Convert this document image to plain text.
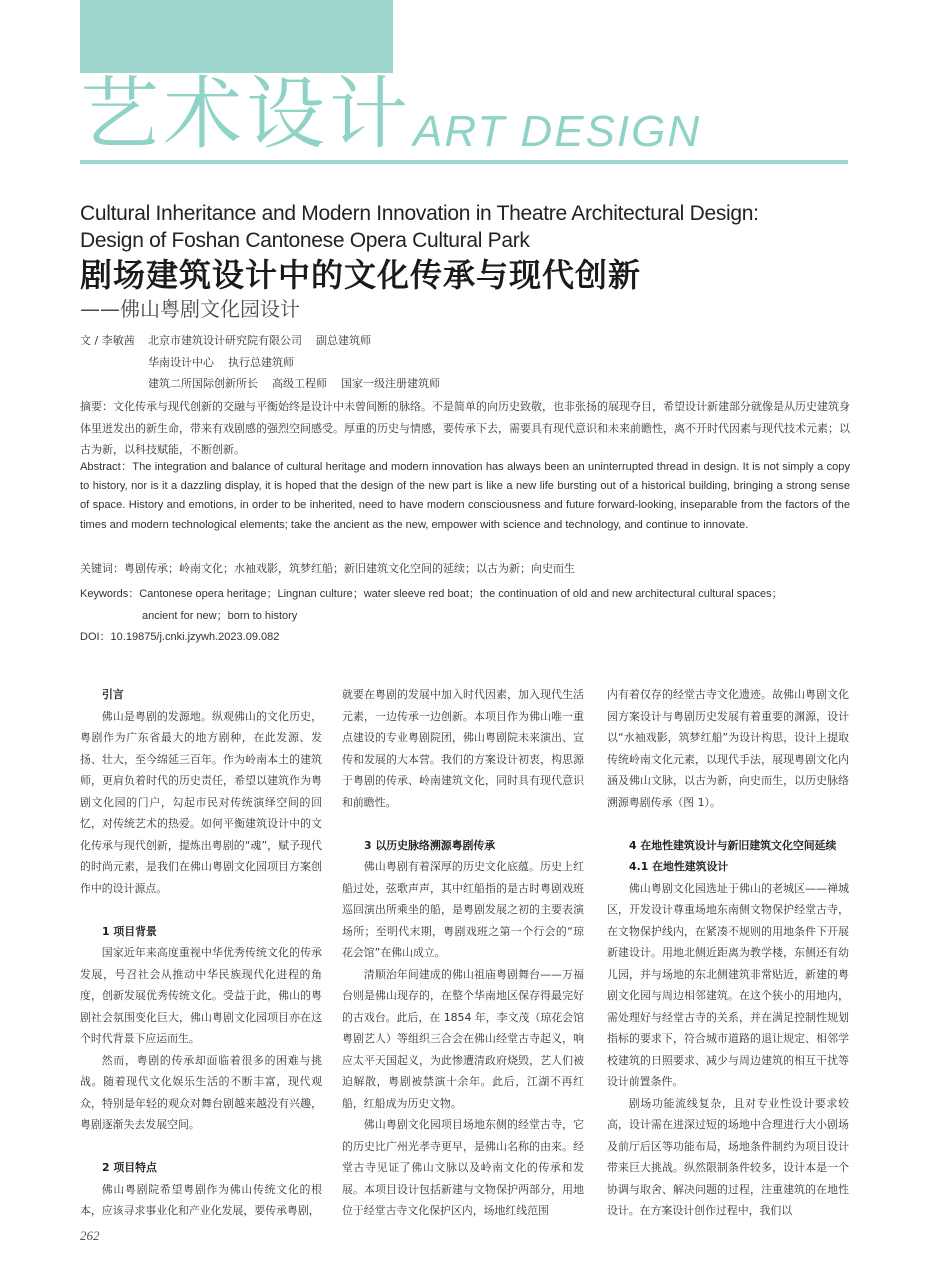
艺术设计 ART DESIGN
Cultural Inheritance and Modern Innovation in Theatre Architectural Design:
Design of Foshan Cantonese Opera Cultural Park
剧场建筑设计中的文化传承与现代创新
——佛山粤剧文化园设计
文 / 李敏茜	北京市建筑设计研究院有限公司 副总建筑师
华南设计中心 执行总建筑师
建筑二所国际创新所长 高级工程师 国家一级注册建筑师
摘要：文化传承与现代创新的交融与平衡始终是设计中未曾间断的脉络。不是简单的向历史致敬，也非张扬的展现夺目，希望设计新建部分就像是从历史建筑身体里迸发出的新生命，带来有戏剧感的强烈空间感受。厚重的历史与情感，要传承下去，需要具有现代意识和未来前瞻性，离不开时代因素与现代技术元素；以古为新，以科技赋能，不断创新。
Abstract：The integration and balance of cultural heritage and modern innovation has always been an uninterrupted thread in design. It is not simply a copy to history, nor is it a dazzling display, it is hoped that the design of the new part is like a new life bursting out of a historical building, bringing a strong sense of space. History and emotions, in order to be inherited, need to have modern consciousness and future forward-looking, inseparable from the factors of the times and modern technological elements; take the ancient as the new, empower with science and technology, and continue to innovate.
关键词：粤剧传承；岭南文化；水袖戏影，筑梦红船；新旧建筑文化空间的延续；以古为新；向史而生
Keywords：Cantonese opera heritage；Lingnan culture；water sleeve red boat；the continuation of old and new architectural cultural spaces；
ancient for new；born to history
DOI：10.19875/j.cnki.jzywh.2023.09.082

引言

佛山是粤剧的发源地。纵观佛山的文化历史，粤剧作为广东省最大的地方剧种，在此发源、发扬、壮大，至今绵延三百年。作为岭南本土的建筑师，更肩负着时代的历史责任，希望以建筑作为粤剧文化园的门户，勾起市民对传统演绎空间的回忆，对传统艺术的热爱。如何平衡建筑设计中的文化传承与现代创新，提炼出粤剧的“魂”，赋予现代的时尚元素，是我们在佛山粤剧文化园项目方案创作中的设计源点。

1 项目背景

国家近年来高度重视中华优秀传统文化的传承发展，号召社会从推动中华民族现代化进程的角度，创新发展优秀传统文化。受益于此，佛山的粤剧社会氛围变化巨大，佛山粤剧文化园项目亦在这个时代背景下应运而生。

然而，粤剧的传承却面临着很多的困难与挑战。随着现代文化娱乐生活的不断丰富，现代观众，特别是年轻的观众对舞台剧越来越没有兴趣，粤剧逐渐失去发展空间。

2 项目特点

佛山粤剧院希望粤剧作为佛山传统文化的根本，应该寻求事业化和产业化发展，要传承粤剧，

就要在粤剧的发展中加入时代因素，加入现代生活元素，一边传承一边创新。本项目作为佛山唯一重点建设的专业粤剧院团，佛山粤剧院未来演出、宣传和发展的大本营。我们的方案设计初衷，构思源于粤剧的传承、岭南建筑文化，同时具有现代意识和前瞻性。

3 以历史脉络溯源粤剧传承

佛山粤剧有着深厚的历史文化底蕴。历史上红船过处，弦歌声声，其中红船指的是古时粤剧戏班巡回演出所乘坐的船，是粤剧发展之初的主要表演场所；至明代末期，粤剧戏班之第一个行会的“琼花会馆”在佛山成立。

清顺治年间建成的佛山祖庙粤剧舞台——万福台则是佛山现存的，在整个华南地区保存得最完好的古戏台。此后，在 1854 年，李文茂（琼花会馆粤剧艺人）等组织三合会在佛山经堂古寺起义，响应太平天国起义，为此惨遭清政府烧毁，艺人们被迫解散，粤剧被禁演十余年。此后，江湖不再红船，红船成为历史文物。

佛山粤剧文化园项目场地东侧的经堂古寺，它的历史比广州光孝寺更早，是佛山名称的由来。经堂古寺见证了佛山文脉以及岭南文化的传承和发展。本项目设计包括新建与文物保护两部分，用地位于经堂古寺文化保护区内，场地红线范围

内有着仅存的经堂古寺文化遗迹。故佛山粤剧文化园方案设计与粤剧历史发展有着重要的渊源，设计以“水袖戏影，筑梦红船”为设计构思，设计上提取传统岭南文化元素，以现代手法，展现粤剧文化内涵及佛山文脉，以古为新，向史而生，以历史脉络溯源粤剧传承（图 1）。

4 在地性建筑设计与新旧建筑文化空间延续

4.1 在地性建筑设计

佛山粤剧文化园选址于佛山的老城区——禅城区，开发设计尊重场地东南侧文物保护经堂古寺，在文物保护线内，在紧凑不规则的用地条件下开展新建设计。用地北侧近距离为教学楼，东侧还有幼儿园，并与场地的东北侧建筑非常贴近，新建的粤剧文化园与周边相邻建筑。在这个狭小的用地内，需处理好与经堂古寺的关系，并在满足控制性规划指标的要求下，符合城市道路的退让规定、相邻学校建筑的日照要求、减少与周边建筑的相互干扰等设计前置条件。

剧场功能流线复杂，且对专业性设计要求较高，设计需在进深过短的场地中合理进行大小剧场及前厅后区等功能布局，场地条件制约为项目设计带来巨大挑战。纵然限制条件较多，设计本是一个协调与取舍、解决问题的过程，注重建筑的在地性设计。在方案设计创作过程中，我们以

262
